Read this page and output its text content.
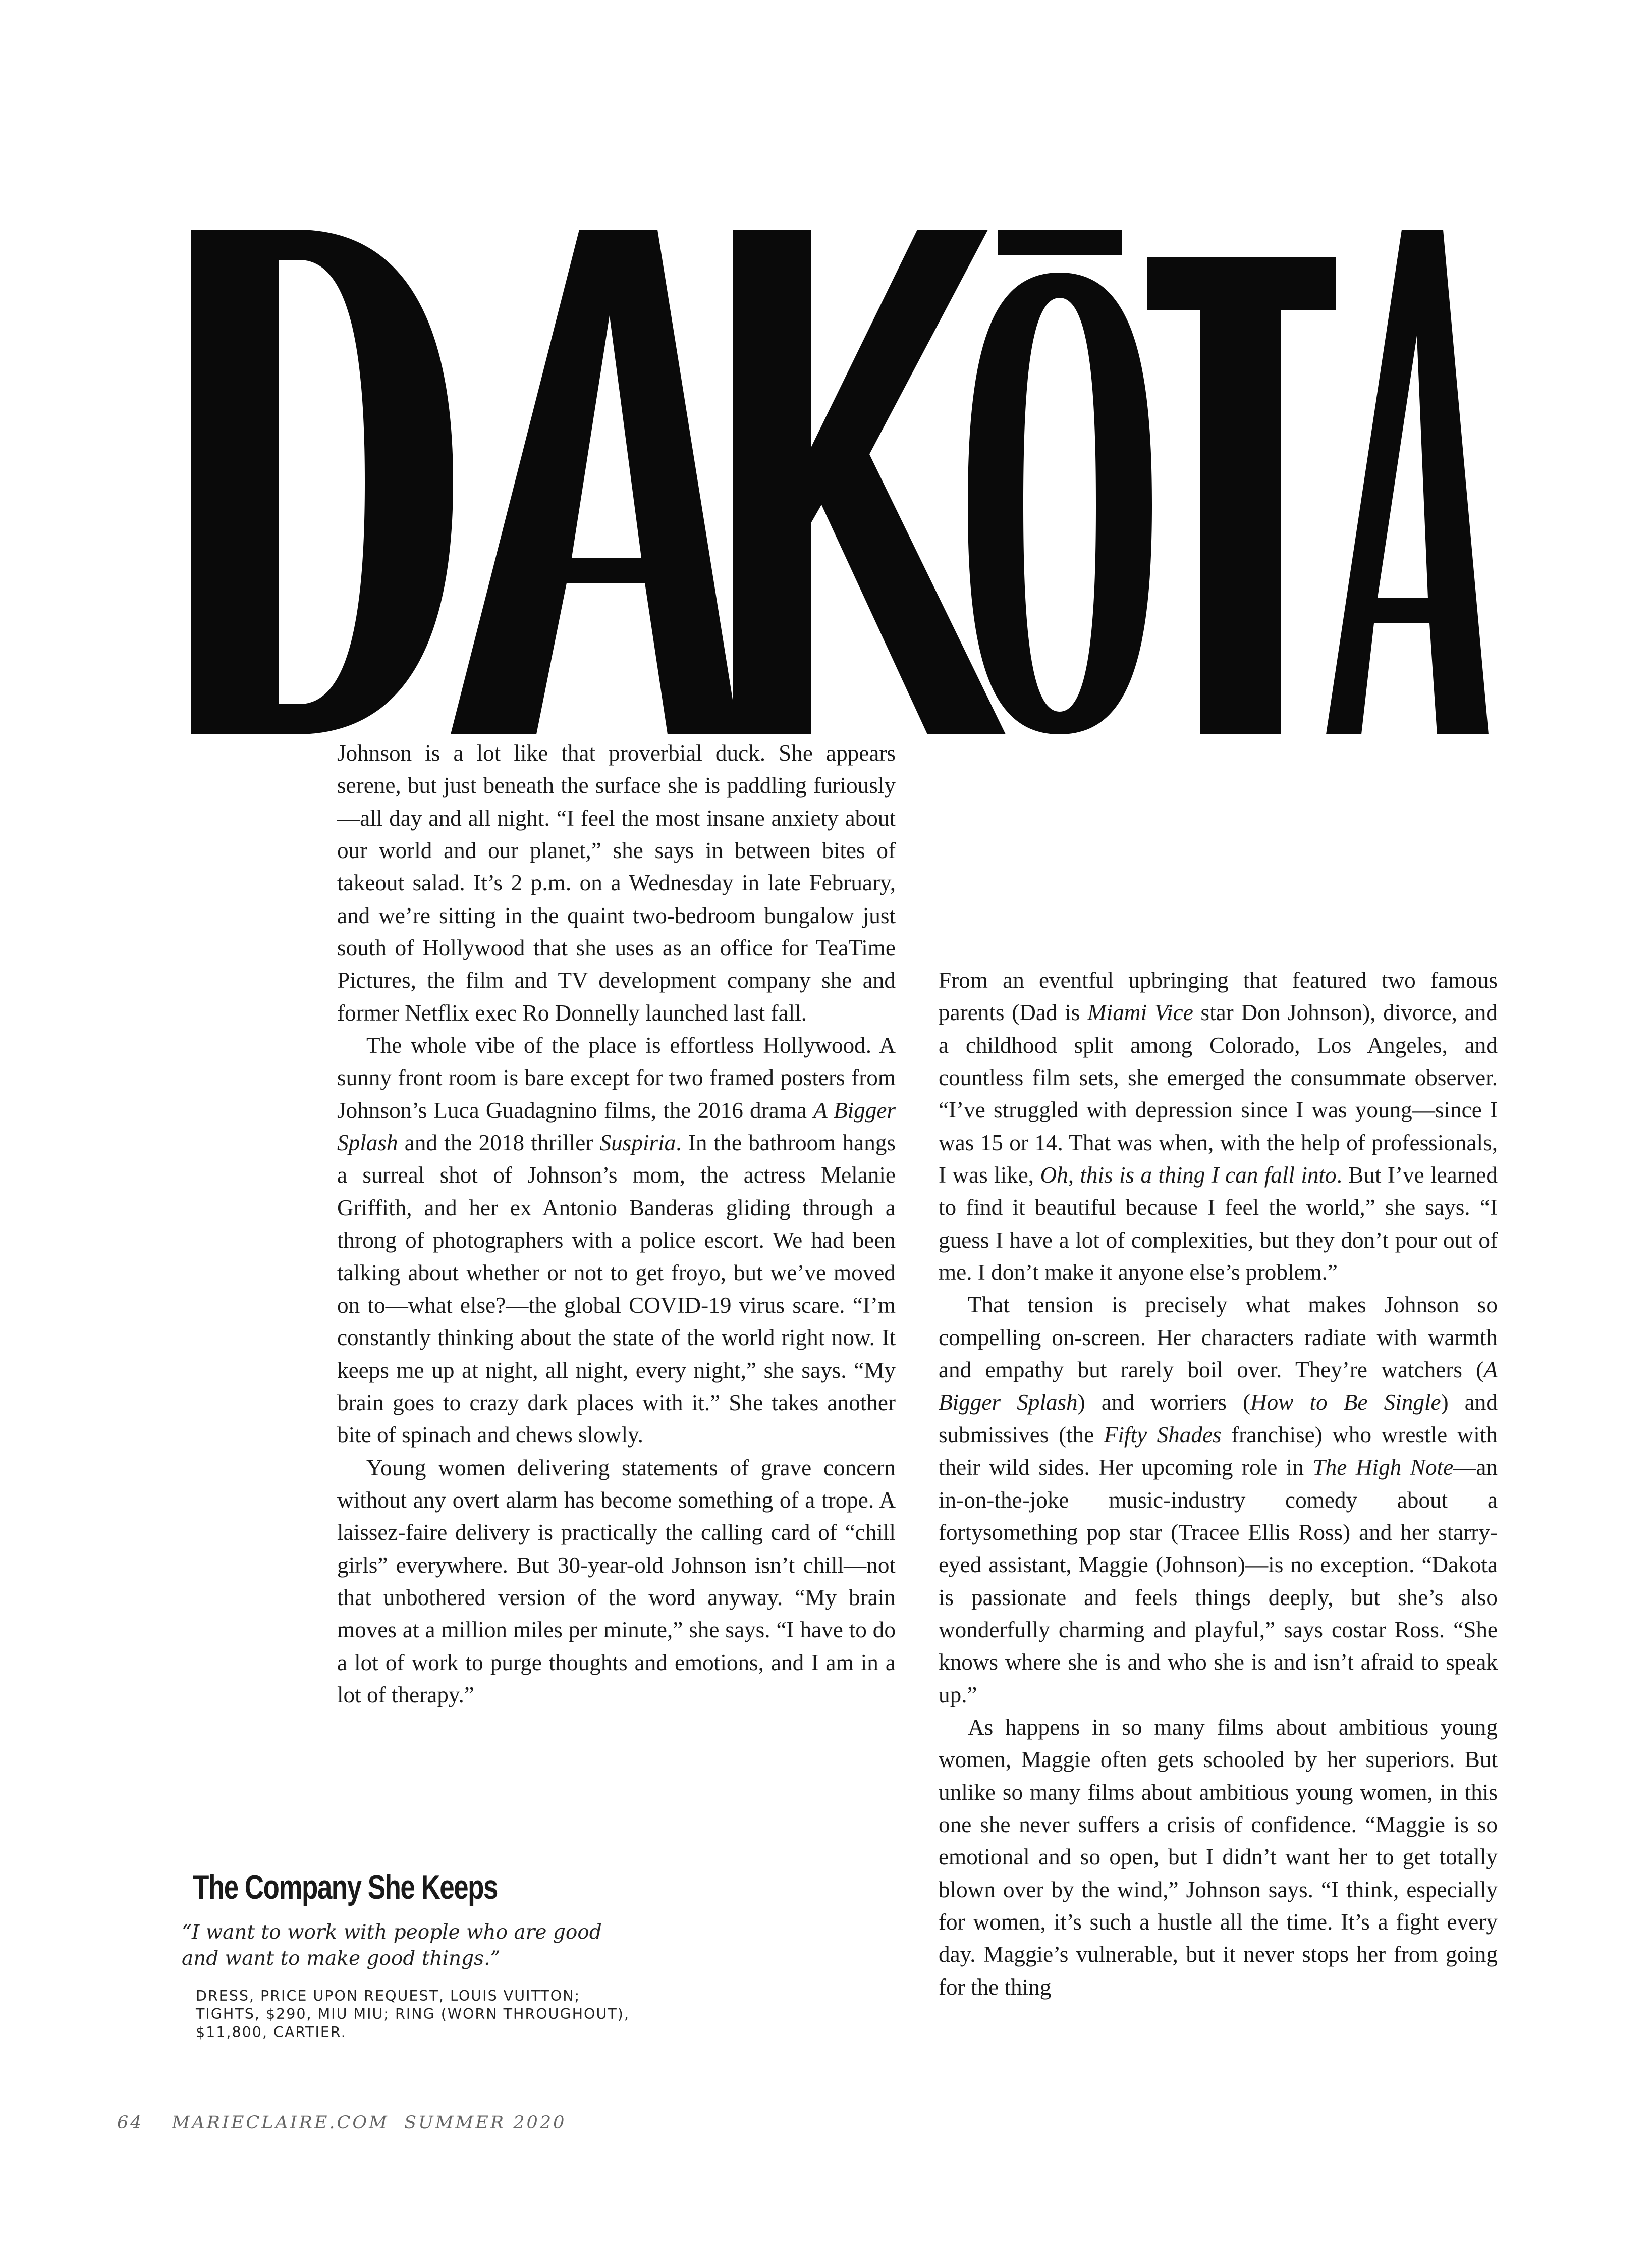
Johnson is a lot like that proverbial duck. She appears serene, but just beneath the surface she is paddling furiously—all day and all night. “I feel the most insane anxiety about our world and our planet,” she says in between bites of takeout salad. It’s 2 p.m. on a Wednesday in late February, and we’re sitting in the quaint two-bedroom bungalow just south of Hollywood that she uses as an office for TeaTime Pictures, the film and TV development company she and former Netflix exec Ro Donnelly launched last fall.

The whole vibe of the place is effortless Hollywood. A sunny front room is bare except for two framed posters from Johnson’s Luca Guadagnino films, the 2016 drama A Bigger Splash and the 2018 thriller Suspiria. In the bathroom hangs a surreal shot of Johnson’s mom, the actress Melanie Griffith, and her ex Antonio Banderas gliding through a throng of photographers with a police escort. We had been talking about whether or not to get froyo, but we’ve moved on to—what else?—the global COVID-19 virus scare. “I’m constantly thinking about the state of the world right now. It keeps me up at night, all night, every night,” she says. “My brain goes to crazy dark places with it.” She takes another bite of spinach and chews slowly.

Young women delivering statements of grave concern without any overt alarm has become something of a trope. A laissez-faire delivery is practically the calling card of “chill girls” everywhere. But 30-year-old Johnson isn’t chill—not that unbothered version of the word anyway. “My brain moves at a million miles per minute,” she says. “I have to do a lot of work to purge thoughts and emotions, and I am in a lot of therapy.”

From an eventful upbringing that featured two famous parents (Dad is Miami Vice star Don Johnson), divorce, and a childhood split among Colorado, Los Angeles, and countless film sets, she emerged the consummate observer. “I’ve struggled with depression since I was young—since I was 15 or 14. That was when, with the help of professionals, I was like, Oh, this is a thing I can fall into. But I’ve learned to find it beautiful because I feel the world,” she says. “I guess I have a lot of complexities, but they don’t pour out of me. I don’t make it anyone else’s problem.”

That tension is precisely what makes Johnson so compelling on-screen. Her characters radiate with warmth and empathy but rarely boil over. They’re watchers (A Bigger Splash) and worriers (How to Be Single) and submissives (the Fifty Shades franchise) who wrestle with their wild sides. Her upcoming role in The High Note—an in-on-the-joke music-industry comedy about a fortysomething pop star (Tracee Ellis Ross) and her starry-eyed assistant, Maggie (Johnson)—is no exception. “Dakota is passionate and feels things deeply, but she’s also wonderfully charming and playful,” says costar Ross. “She knows where she is and who she is and isn’t afraid to speak up.”

As happens in so many films about ambitious young women, Maggie often gets schooled by her superiors. But unlike so many films about ambitious young women, in this one she never suffers a crisis of confidence. “Maggie is so emotional and so open, but I didn’t want her to get totally blown over by the wind,” Johnson says. “I think, especially for women, it’s such a hustle all the time. It’s a fight every day. Maggie’s vulnerable, but it never stops her from going for the thing

The Company She Keeps
“I want to work with people who are good and want to make good things.”
DRESS, PRICE UPON REQUEST, LOUIS VUITTON; TIGHTS, $290, MIU MIU; RING (WORN THROUGHOUT), $11,800, CARTIER.
64 MARIECLAIRE.COM  SUMMER 2020
